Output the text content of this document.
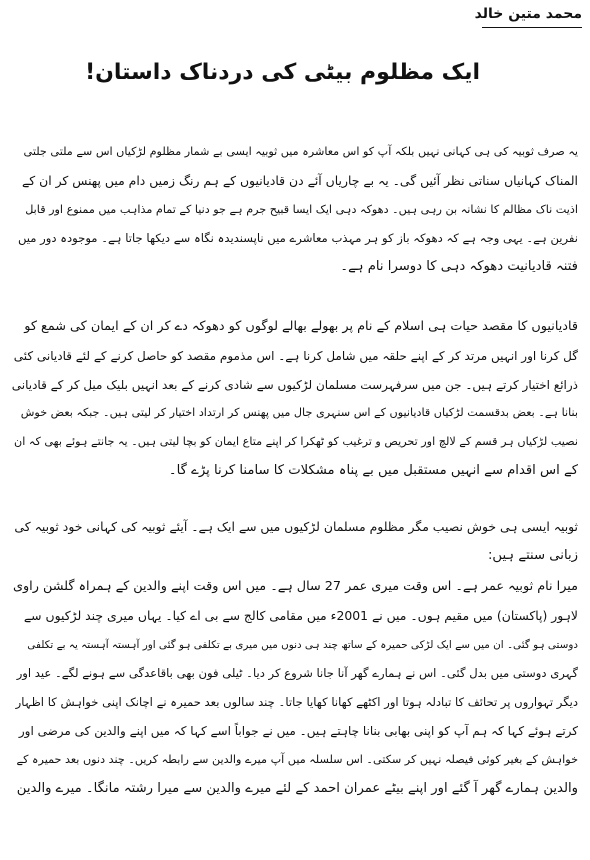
محمد متین خالد
ایک مظلوم بیٹی کی دردناک داستان!
یہ صرف ثوبیہ کی ہی کہانی نہیں بلکہ آپ کو اس معاشرہ میں ثوبیہ ایسی بے شمار مظلوم لڑکیاں اس سے ملتی جلتی
المناک کہانیاں سناتی نظر آئیں گی۔ یہ بے چاریاں آئے دن قادیانیوں کے ہم رنگ زمیں دام میں پھنس کر ان کے
اذیت ناک مظالم کا نشانہ بن رہی ہیں۔ دھوکہ دہی ایک ایسا قبیح جرم ہے جو دنیا کے تمام مذاہب میں ممنوع اور قابل
نفرین ہے۔ یہی وجہ ہے کہ دھوکہ باز کو ہر مہذب معاشرے میں ناپسندیدہ نگاہ سے دیکھا جاتا ہے۔ موجودہ دور میں
فتنہ قادیانیت دھوکہ دہی کا دوسرا نام ہے۔
قادیانیوں کا مقصد حیات ہی اسلام کے نام پر بھولے بھالے لوگوں کو دھوکہ دے کر ان کے ایمان کی شمع کو
گل کرنا اور انہیں مرتد کر کے اپنے حلقہ میں شامل کرنا ہے۔ اس مذموم مقصد کو حاصل کرنے کے لئے قادیانی کئی
ذرائع اختیار کرتے ہیں۔ جن میں سرفہرست مسلمان لڑکیوں سے شادی کرنے کے بعد انہیں بلیک میل کر کے قادیانی
بنانا ہے۔ بعض بدقسمت لڑکیاں قادیانیوں کے اس سنہری جال میں پھنس کر ارتداد اختیار کر لیتی ہیں۔ جبکہ بعض خوش
نصیب لڑکیاں ہر قسم کے لالچ اور تحریص و ترغیب کو ٹھکرا کر اپنے متاع ایمان کو بچا لیتی ہیں۔ یہ جانتے ہوئے بھی کہ ان
کے اس اقدام سے انہیں مستقبل میں بے پناہ مشکلات کا سامنا کرنا پڑے گا۔
ثوبیہ ایسی ہی خوش نصیب مگر مظلوم مسلمان لڑکیوں میں سے ایک ہے۔ آیئے ثوبیہ کی کہانی خود ثوبیہ کی
زبانی سنتے ہیں:
میرا نام ثوبیہ عمر ہے۔ اس وقت میری عمر 27 سال ہے۔ میں اس وقت اپنے والدین کے ہمراہ گلشن راوی
لاہور (پاکستان) میں مقیم ہوں۔ میں نے 2001ء میں مقامی کالج سے بی اے کیا۔ یہاں میری چند لڑکیوں سے
دوستی ہو گئی۔ ان میں سے ایک لڑکی حمیرہ کے ساتھ چند ہی دنوں میں میری بے تکلفی ہو گئی اور آہستہ آہستہ یہ بے تکلفی
گہری دوستی میں بدل گئی۔ اس نے ہمارے گھر آنا جانا شروع کر دیا۔ ٹیلی فون بھی باقاعدگی سے ہونے لگے۔ عید اور
دیگر تہواروں پر تحائف کا تبادلہ ہوتا اور اکٹھے کھانا کھایا جاتا۔ چند سالوں بعد حمیرہ نے اچانک اپنی خواہش کا اظہار
کرتے ہوئے کہا کہ ہم آپ کو اپنی بھابی بنانا چاہتے ہیں۔ میں نے جواباً اسے کہا کہ میں اپنے والدین کی مرضی اور
خواہش کے بغیر کوئی فیصلہ نہیں کر سکتی۔ اس سلسلہ میں آپ میرے والدین سے رابطہ کریں۔ چند دنوں بعد حمیرہ کے
والدین ہمارے گھر آ گئے اور اپنے بیٹے عمران احمد کے لئے میرے والدین سے میرا رشتہ مانگا۔ میرے والدین
